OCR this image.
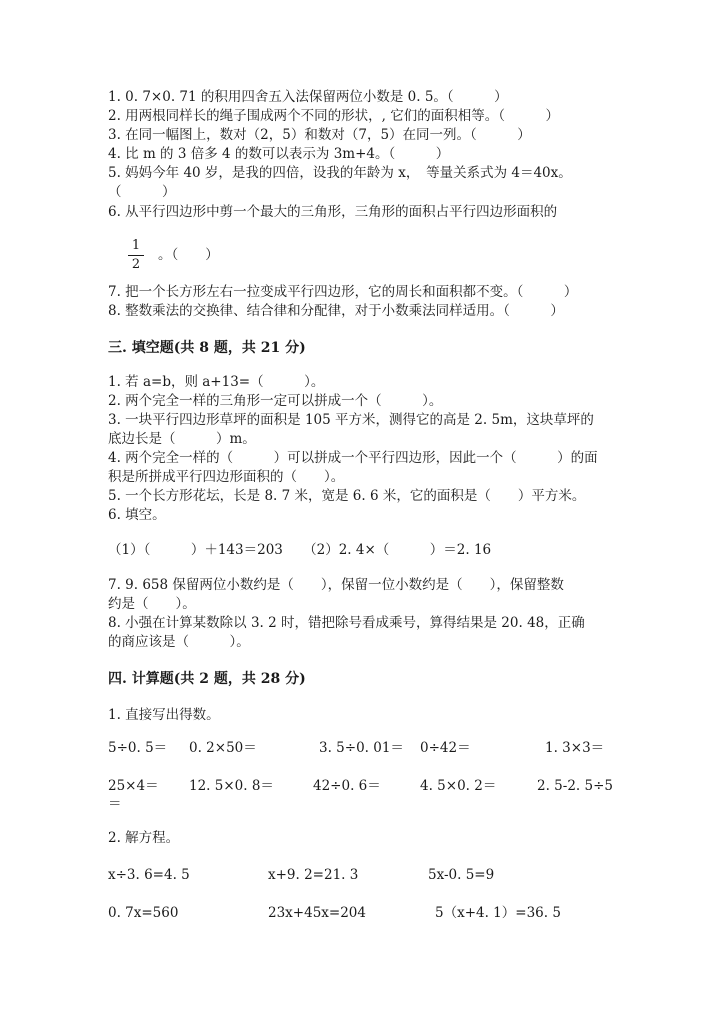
1. 0. 7×0. 71 的积用四舍五入法保留两位小数是 0. 5。（　　　）
2. 用两根同样长的绳子围成两个不同的形状，, 它们的面积相等。（　　　）
3. 在同一幅图上，数对（2，5）和数对（7，5）在同一列。（　　　）
4. 比 m 的 3 倍多 4 的数可以表示为 3m+4。（　　　）
5. 妈妈今年 40 岁，是我的四倍，设我的年龄为 x，　等量关系式为 4＝40x。
（　　　）
6. 从平行四边形中剪一个最大的三角形，三角形的面积占平行四边形面积的
1
2
。（　　）
7. 把一个长方形左右一拉变成平行四边形，它的周长和面积都不变。（　　　）
8. 整数乘法的交换律、结合律和分配律，对于小数乘法同样适用。（　　　）
三. 填空题(共 8 题，共 21 分)
1. 若 a=b，则 a+13=（　　　）。
2. 两个完全一样的三角形一定可以拼成一个（　　　）。
3. 一块平行四边形草坪的面积是 105 平方米，测得它的高是 2. 5m，这块草坪的
底边长是（　　　）m。
4. 两个完全一样的（　　　）可以拼成一个平行四边形，因此一个（　　　）的面
积是所拼成平行四边形面积的（　　）。
5. 一个长方形花坛，长是 8. 7 米，宽是 6. 6 米，它的面积是（　　）平方米。
6. 填空。
（1）（　　　）＋143＝203　　（2）2. 4×（　　　）＝2. 16
7. 9. 658 保留两位小数约是（　　），保留一位小数约是（　　），保留整数
约是（　　）。
8. 小强在计算某数除以 3. 2 时，错把除号看成乘号，算得结果是 20. 48，正确
的商应该是（　　　）。
四. 计算题(共 2 题，共 28 分)
1. 直接写出得数。
5÷0. 5＝ 0. 2×50＝	3. 5÷0. 01＝ 0÷42＝	1. 3×3＝
25×4＝ 12. 5×0. 8＝	42÷0. 6＝	4. 5×0. 2＝	2. 5-2. 5÷5
＝
2. 解方程。
x÷3. 6=4. 5	x+9. 2=21. 3	5x-0. 5=9
0. 7x=560	23x+45x=204	5（x+4. 1）=36. 5
